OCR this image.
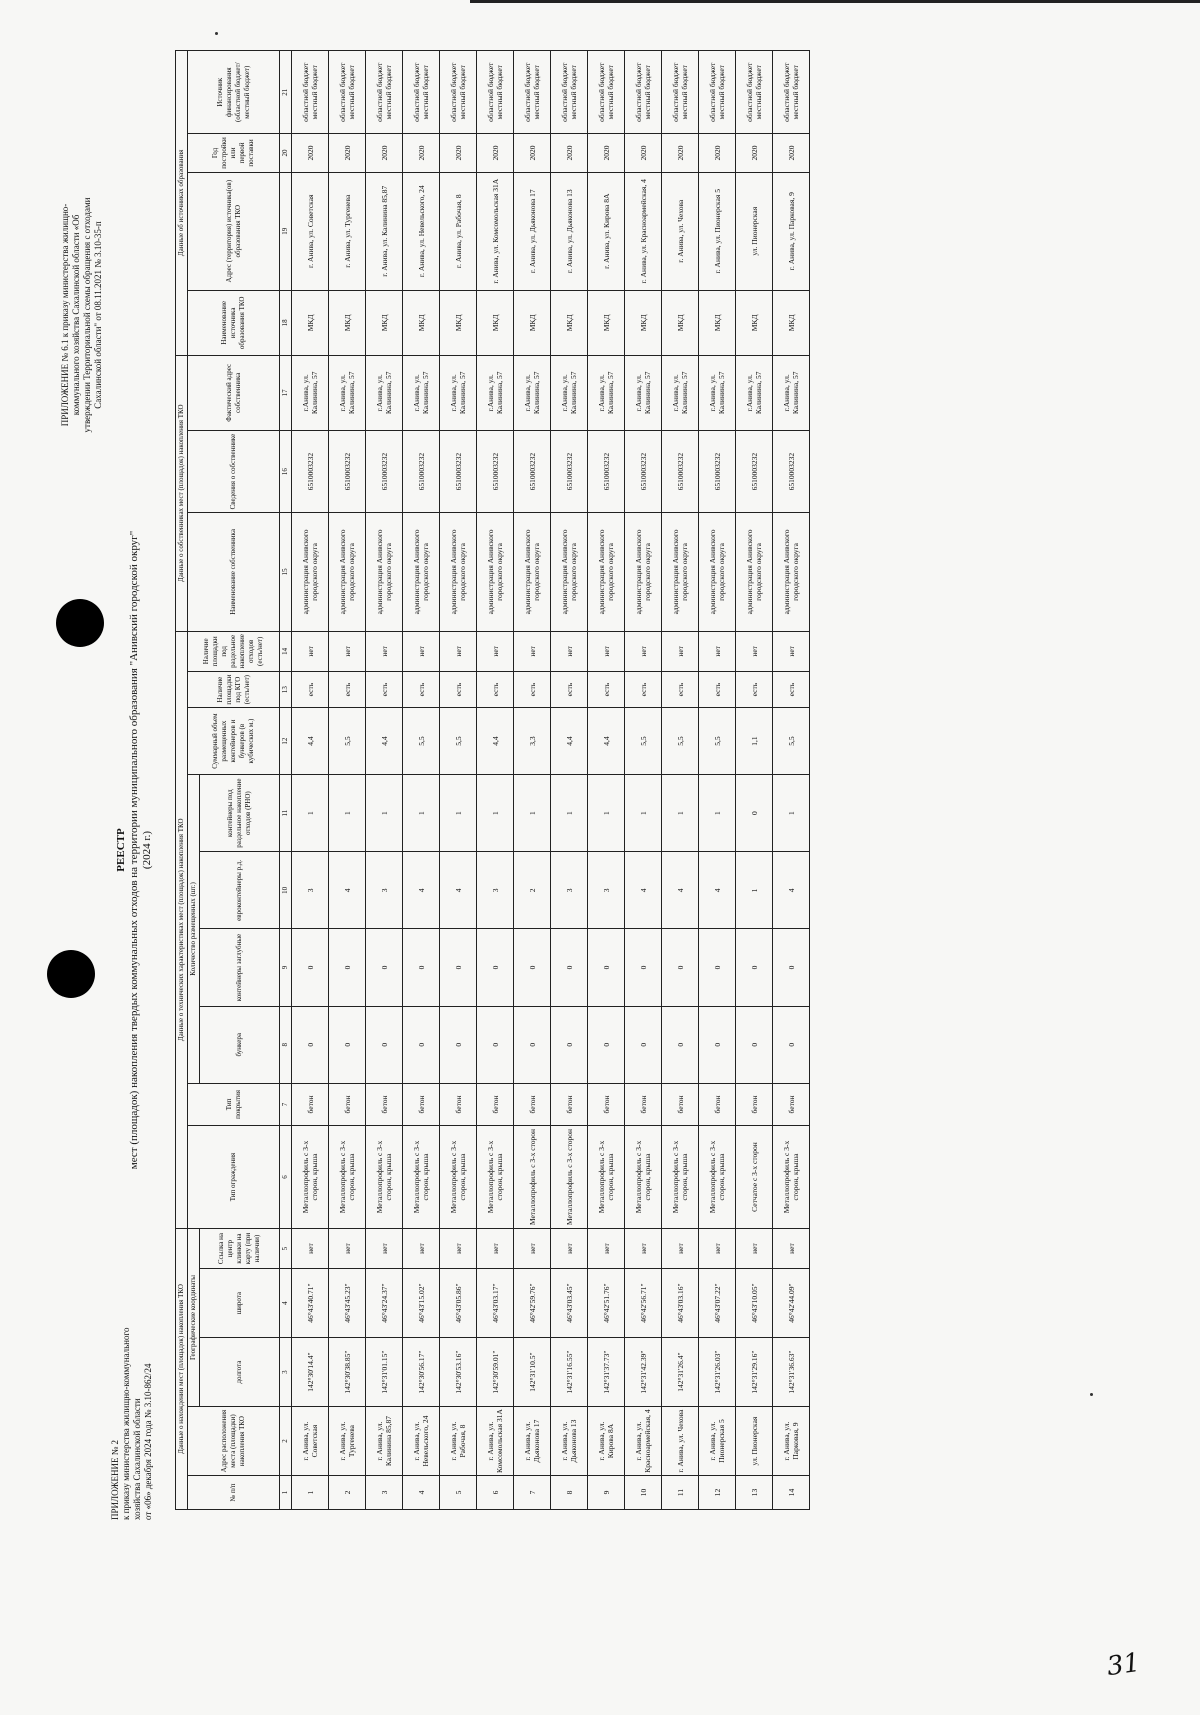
ПРИЛОЖЕНИЕ № 2 к приказу министерства жилищно-коммунального хозяйства Сахалинской области от «06» декабря 2024 года № 3.10-862/24
ПРИЛОЖЕНИЕ № 6.1 к приказу министерства жилищно- коммунального хозяйства Сахалинской области «Об утверждении Территориальной схемы обращения с отходами Сахалинской области" от 08.11.2021 № 3.10-35-п
РЕЕСТР мест (площадок) накопления твердых коммунальных отходов на территории муниципального образования "Анивский городской округ" (2024 г.)
Данные о нахождении мест (площадок) накопления ТКО					Данные о технических характеристиках мест (площадок) накопления ТКО									Данные о собственниках мест (площадок) накопления ТКО			Данные об источниках образования			
№ п/п	Адрес расположения места (площадки) накопления ТКО	Географические координаты			Тип ограждения	Тип покрытия	Количество размещенных (шт.)				Суммарный объем размещенных контейнеров и бункеров (в кубических м.)	Наличие площадки под КГО (есть/нет)	Наличие площадки под раздельное накопление отходов (есть/нет)	Наименование собственника	Сведения о собственнике	Фактический адрес собственника	Наименование источника образования ТКО	Адрес (территория) источника(ов) образования ТКО	Год постройки или первой поставки	Источник финансирования (областной бюджет/местный бюджет)
		долгота	широта	Ссылка на центр клинки на карту (при наличии)			бункера	контейнеры заглубные	евроконтейнеры р.д.	контейнеры под раздельное накопление отходов (РНО)										
1	2	3	4	5	6	7	8	9	10	11	12	13	14	15	16	17	18	19	20	21
1	г. Анива, ул. Советская	142°30'14.4"	46°43'40.71"	нет	Металлопрофиль с 3-х сторон, крыша	бетон	0	0	3	1	4,4	есть	нет	администрация Анивского городского округа	6510003232	г.Анива, ул. Калинина, 57	МКД	г. Анива, ул. Советская	2020	областной бюджет местный бюджет
2	г. Анива, ул. Тургенева	142°30'38.85"	46°43'45.23"	нет	Металлопрофиль с 3-х сторон, крыша	бетон	0	0	4	1	5,5	есть	нет	администрация Анивского городского округа	6510003232	г.Анива, ул. Калинина, 57	МКД	г. Анива, ул. Тургенева	2020	областной бюджет местный бюджет
3	г. Анива, ул. Калинина 85,87	142°31'01.15"	46°43'24.37"	нет	Металлопрофиль с 3-х сторон, крыша	бетон	0	0	3	1	4,4	есть	нет	администрация Анивского городского округа	6510003232	г.Анива, ул. Калинина, 57	МКД	г. Анива, ул. Калинина 85,87	2020	областной бюджет местный бюджет
4	г. Анива, ул. Невельского, 24	142°30'56.17"	46°43'15.02"	нет	Металлопрофиль с 3-х сторон, крыша	бетон	0	0	4	1	5,5	есть	нет	администрация Анивского городского округа	6510003232	г.Анива, ул. Калинина, 57	МКД	г. Анива, ул. Невельского, 24	2020	областной бюджет местный бюджет
5	г. Анива, ул. Рабочая, 8	142°30'53.16"	46°43'05.86"	нет	Металлопрофиль с 3-х сторон, крыша	бетон	0	0	4	1	5,5	есть	нет	администрация Анивского городского округа	6510003232	г.Анива, ул. Калинина, 57	МКД	г. Анива, ул. Рабочая, 8	2020	областной бюджет местный бюджет
6	г. Анива, ул. Комсомольская 31А	142°30'59.01"	46°43'03.17"	нет	Металлопрофиль с 3-х сторон, крыша	бетон	0	0	3	1	4,4	есть	нет	администрация Анивского городского округа	6510003232	г.Анива, ул. Калинина, 57	МКД	г. Анива, ул. Комсомольская 31А	2020	областной бюджет местный бюджет
7	г. Анива, ул. Дьяконова 17	142°31'10.5"	46°42'59.76"	нет	Металлопрофиль с 3-х сторон	бетон	0	0	2	1	3,3	есть	нет	администрация Анивского городского округа	6510003232	г.Анива, ул. Калинина, 57	МКД	г. Анива, ул. Дьяконова 17	2020	областной бюджет местный бюджет
8	г. Анива, ул. Дьяконова 13	142°31'16.55"	46°43'03.45"	нет	Металлопрофиль с 3-х сторон	бетон	0	0	3	1	4,4	есть	нет	администрация Анивского городского округа	6510003232	г.Анива, ул. Калинина, 57	МКД	г. Анива, ул. Дьяконова 13	2020	областной бюджет местный бюджет
9	г. Анива, ул. Кирова 8А	142°31'37.73"	46°42'51.76"	нет	Металлопрофиль с 3-х сторон, крыша	бетон	0	0	3	1	4,4	есть	нет	администрация Анивского городского округа	6510003232	г.Анива, ул. Калинина, 57	МКД	г. Анива, ул. Кирова 8А	2020	областной бюджет местный бюджет
10	г. Анива, ул. Красноармейская, 4	142°31'42.39"	46°42'56.71"	нет	Металлопрофиль с 3-х сторон, крыша	бетон	0	0	4	1	5,5	есть	нет	администрация Анивского городского округа	6510003232	г.Анива, ул. Калинина, 57	МКД	г. Анива, ул. Красноармейская, 4	2020	областной бюджет местный бюджет
11	г. Анива, ул. Чехова	142°31'26.4"	46°43'03.16"	нет	Металлопрофиль с 3-х сторон, крыша	бетон	0	0	4	1	5,5	есть	нет	администрация Анивского городского округа	6510003232	г.Анива, ул. Калинина, 57	МКД	г. Анива, ул. Чехова	2020	областной бюджет местный бюджет
12	г. Анива, ул. Пионерская 5	142°31'26.03"	46°43'07.22"	нет	Металлопрофиль с 3-х сторон, крыша	бетон	0	0	4	1	5,5	есть	нет	администрация Анивского городского округа	6510003232	г.Анива, ул. Калинина, 57	МКД	г. Анива, ул. Пионерская 5	2020	областной бюджет местный бюджет
13	ул. Пионерская	142°31'29.16"	46°43'10.05"	нет	Сетчатое с 3-х сторон	бетон	0	0	1	0	1,1	есть	нет	администрация Анивского городского округа	6510003232	г.Анива, ул. Калинина, 57	МКД	ул. Пионерская	2020	областной бюджет местный бюджет
14	г. Анива, ул. Парковая, 9	142°31'36.63"	46°42'44.09"	нет	Металлопрофиль с 3-х сторон, крыша	бетон	0	0	4	1	5,5	есть	нет	администрация Анивского городского округа	6510003232	г.Анива, ул. Калинина, 57	МКД	г. Анива, ул. Парковая, 9	2020	областной бюджет местный бюджет
31
